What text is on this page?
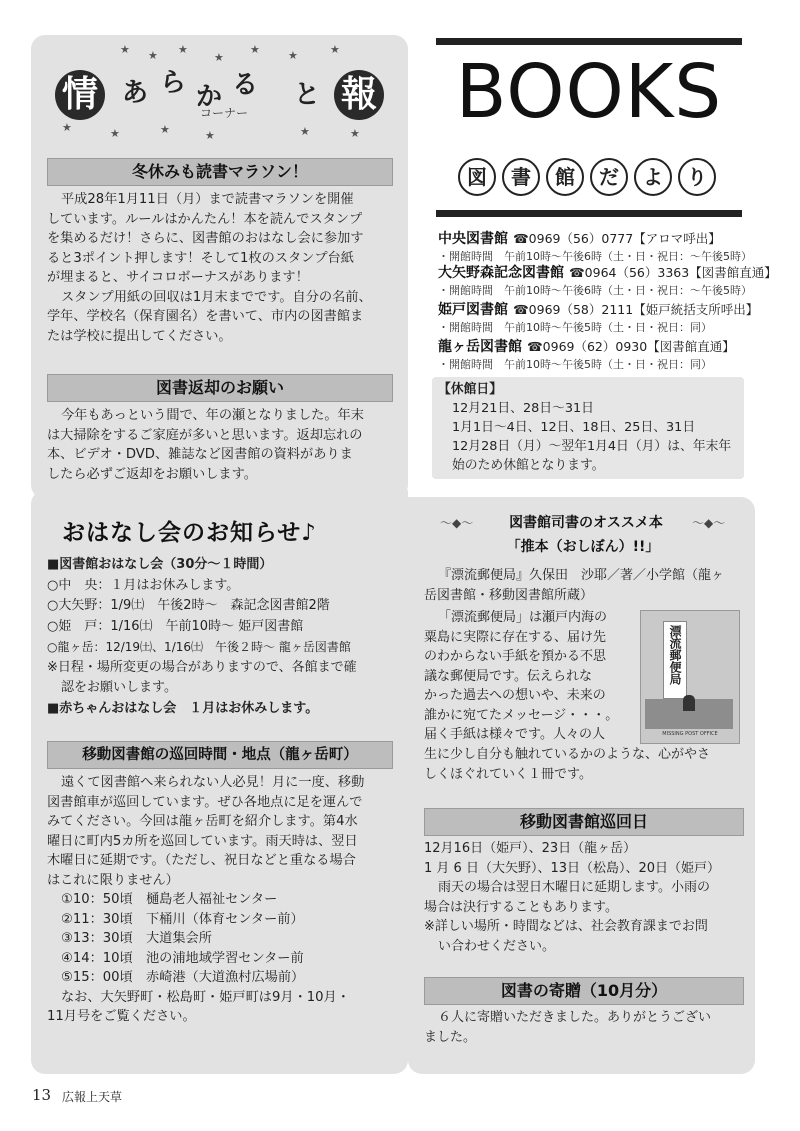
★ ★ ★
★
★	★	★
★	★	★	★	★	★
情 あ ら か る と
コーナー	報
冬休みも読書マラソン！
平成28年1月11日（月）まで読書マラソンを開催
しています。ルールはかんたん！本を読んでスタンプ
を集めるだけ！さらに、図書館のおはなし会に参加す
ると3ポイント押します！そして1枚のスタンプ台紙
が埋まると、サイコロボーナスがあります！
スタンプ用紙の回収は1月末までです。自分の名前、
学年、学校名（保育園名）を書いて、市内の図書館ま
たは学校に提出してください。
図書返却のお願い
今年もあっという間で、年の瀬となりました。年末
は大掃除をするご家庭が多いと思います。返却忘れの
本、ビデオ・DVD、雑誌など図書館の資料がありま
したら必ずご返却をお願いします。
おはなし会のお知らせ♪
■図書館おはなし会（30分～１時間）
○中　央：１月はお休みします。
○大矢野：1/9㈯　午後2時～　森記念図書館2階
○姫　戸：1/16㈯　午前10時～ 姫戸図書館
○龍ヶ岳：12/19㈯、1/16㈯　午後２時～ 龍ヶ岳図書館
※日程・場所変更の場合がありますので、各館まで確
認をお願いします。
■赤ちゃんおはなし会　１月はお休みします。
移動図書館の巡回時間・地点（龍ヶ岳町）
遠くて図書館へ来られない人必見！月に一度、移動
図書館車が巡回しています。ぜひ各地点に足を運んで
みてください。今回は龍ヶ岳町を紹介します。第4水
曜日に町内5カ所を巡回しています。雨天時は、翌日
木曜日に延期です。（ただし、祝日などと重なる場合
はこれに限りません）
①10：50頃　樋島老人福祉センター
②11：30頃　下桶川（体育センター前）
③13：30頃　大道集会所
④14：10頃　池の浦地域学習センター前
⑤15：00頃　赤崎港（大道漁村広場前）
なお、大矢野町・松島町・姫戸町は9月・10月・
11月号をご覧ください。
BOOKS
図	書	館	だ	よ	り
中央図書館 ☎0969（56）0777【アロマ呼出】
・開館時間　午前10時～午後6時（土・日・祝日：～午後5時）
大矢野森記念図書館 ☎0964（56）3363【図書館直通】
・開館時間　午前10時～午後6時（土・日・祝日：～午後5時）
姫戸図書館 ☎0969（58）2111【姫戸統括支所呼出】
・開館時間　午前10時～午後5時（土・日・祝日：同）
龍ヶ岳図書館 ☎0969（62）0930【図書館直通】
・開館時間　午前10時～午後5時（土・日・祝日：同）
【休館日】
12月21日、28日～31日
1月1日～4日、12日、18日、25日、31日
12月28日（月）～翌年1月4日（月）は、年末年
始のため休館となります。
〜◆〜	〜◆〜
図書館司書のオススメ本
「推本（おしぼん）!!」
『漂流郵便局』久保田　沙耶／著／小学館（龍ヶ
岳図書館・移動図書館所蔵）
「漂流郵便局」は瀬戸内海の
粟島に実際に存在する、届け先
のわからない手紙を預かる不思
議な郵便局です。伝えられな
かった過去への想いや、未来の
誰かに宛てたメッセージ・・・。
届く手紙は様々です。人々の人
生に少し自分も触れているかのような、心がやさ
しくほぐれていく１冊です。
漂流郵便局
MISSING POST OFFICE
移動図書館巡回日
12月16日（姫戸）、23日（龍ヶ岳）
1 月 6 日（大矢野）、13日（松島）、20日（姫戸）
雨天の場合は翌日木曜日に延期します。小雨の
場合は決行することもあります。
※詳しい場所・時間などは、社会教育課までお問
い合わせください。
図書の寄贈（10月分）
６人に寄贈いただきました。ありがとうござい
ました。
13 広報上天草
